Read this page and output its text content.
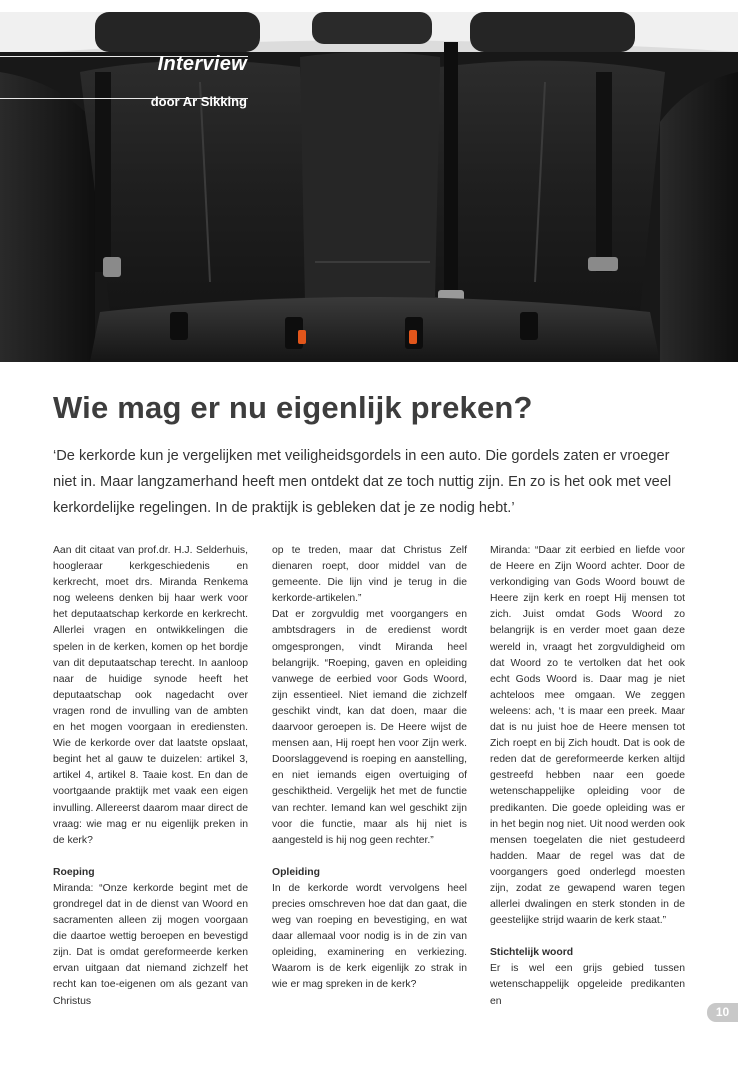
Interview
door Ar Sikking
Wie mag er nu eigenlijk preken?

‘De kerkorde kun je vergelijken met veiligheidsgordels in een auto. Die gordels zaten er vroeger niet in. Maar langzamerhand heeft men ontdekt dat ze toch nuttig zijn. En zo is het ook met veel kerkordelijke regelingen. In de praktijk is gebleken dat je ze nodig hebt.’

Aan dit citaat van prof.dr. H.J. Selderhuis, hoogleraar kerkgeschiedenis en kerkrecht, moet drs. Miranda Renkema nog weleens denken bij haar werk voor het deputaatschap kerkorde en kerkrecht. Allerlei vragen en ontwikkelingen die spelen in de kerken, komen op het bordje van dit deputaatschap terecht. In aanloop naar de huidige synode heeft het deputaatschap ook nagedacht over vragen rond de invulling van de ambten en het mogen voorgaan in erediensten. Wie de kerkorde over dat laatste opslaat, begint het al gauw te duizelen: artikel 3, artikel 4, artikel 8. Taaie kost. En dan de voortgaande praktijk met vaak een eigen invulling. Allereerst daarom maar direct de vraag: wie mag er nu eigenlijk preken in de kerk?

Roeping

Miranda: “Onze kerkorde begint met de grondregel dat in de dienst van Woord en sacramenten alleen zij mogen voorgaan die daartoe wettig beroepen en bevestigd zijn. Dat is omdat gereformeerde kerken ervan uitgaan dat niemand zichzelf het recht kan toe-eigenen om als gezant van Christus

op te treden, maar dat Christus Zelf dienaren roept, door middel van de gemeente. Die lijn vind je terug in die kerkorde-artikelen.”

Dat er zorgvuldig met voorgangers en ambtsdragers in de eredienst wordt omgesprongen, vindt Miranda heel belangrijk. “Roeping, gaven en opleiding vanwege de eerbied voor Gods Woord, zijn essentieel. Niet iemand die zichzelf geschikt vindt, kan dat doen, maar die daarvoor geroepen is. De Heere wijst de mensen aan, Hij roept hen voor Zijn werk. Doorslaggevend is roeping en aanstelling, en niet iemands eigen overtuiging of geschiktheid. Vergelijk het met de functie van rechter. Iemand kan wel geschikt zijn voor die functie, maar als hij niet is aangesteld is hij nog geen rechter.”

Opleiding

In de kerkorde wordt vervolgens heel precies omschreven hoe dat dan gaat, die weg van roeping en bevestiging, en wat daar allemaal voor nodig is in de zin van opleiding, examinering en verkiezing. Waarom is de kerk eigenlijk zo strak in wie er mag spreken in de kerk?

Miranda: “Daar zit eerbied en liefde voor de Heere en Zijn Woord achter. Door de verkondiging van Gods Woord bouwt de Heere zijn kerk en roept Hij mensen tot zich. Juist omdat Gods Woord zo belangrijk is en verder moet gaan deze wereld in, vraagt het zorgvuldigheid om dat Woord zo te vertolken dat het ook echt Gods Woord is. Daar mag je niet achteloos mee omgaan. We zeggen weleens: ach, ‘t is maar een preek. Maar dat is nu juist hoe de Heere mensen tot Zich roept en bij Zich houdt. Dat is ook de reden dat de gereformeerde kerken altijd gestreefd hebben naar een goede wetenschappelijke opleiding voor de predikanten. Die goede opleiding was er in het begin nog niet. Uit nood werden ook mensen toegelaten die niet gestudeerd hadden. Maar de regel was dat de voorgangers goed onderlegd moesten zijn, zodat ze gewapend waren tegen allerlei dwalingen en sterk stonden in de geestelijke strijd waarin de kerk staat.”

Stichtelijk woord

Er is wel een grijs gebied tussen wetenschappelijk opgeleide predikanten en

10
